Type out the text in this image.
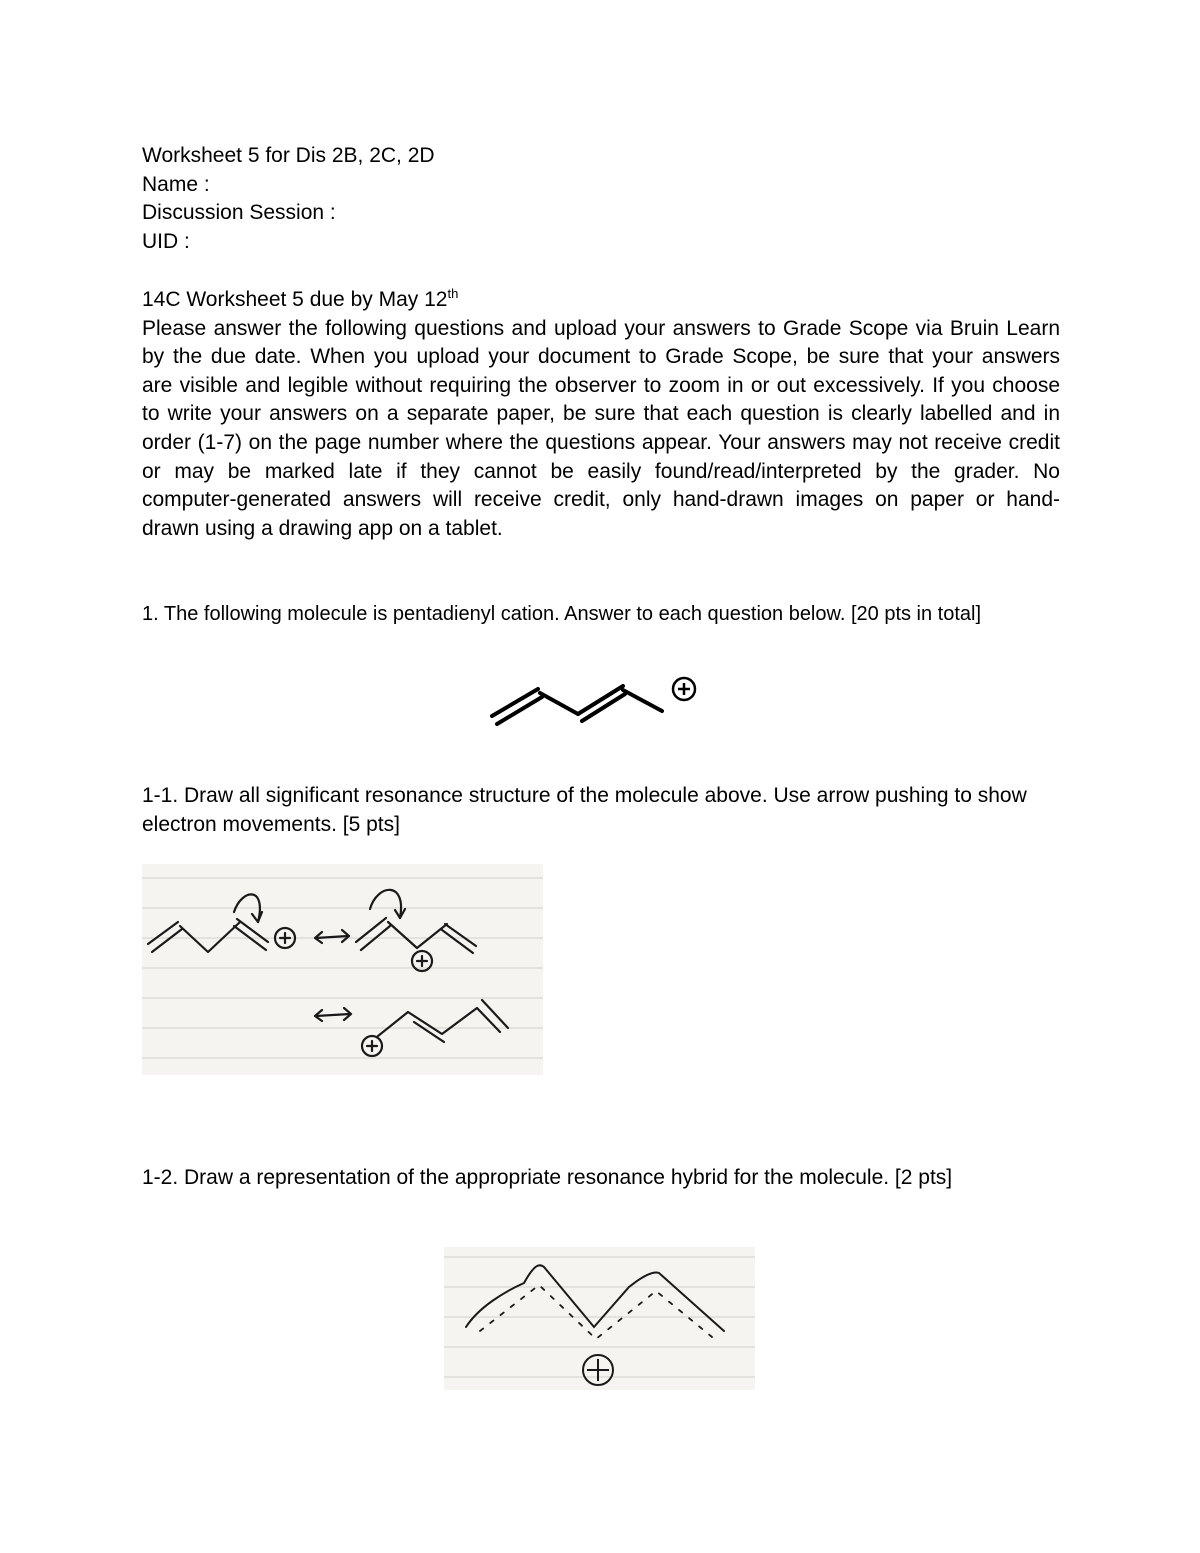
Worksheet 5 for Dis 2B, 2C, 2D
Name :
Discussion Session :
UID :
14C Worksheet 5 due by May 12th
Please answer the following questions and upload your answers to Grade Scope via Bruin Learn
by the due date. When you upload your document to Grade Scope, be sure that your answers
are visible and legible without requiring the observer to zoom in or out excessively. If you choose
to write your answers on a separate paper, be sure that each question is clearly labelled and in
order (1-7) on the page number where the questions appear. Your answers may not receive credit
or may be marked late if they cannot be easily found/read/interpreted by the grader. No
computer-generated answers will receive credit, only hand-drawn images on paper or hand-
drawn using a drawing app on a tablet.
1. The following molecule is pentadienyl cation. Answer to each question below. [20 pts in total]
1-1. Draw all significant resonance structure of the molecule above. Use arrow pushing to show
electron movements. [5 pts]
1-2. Draw a representation of the appropriate resonance hybrid for the molecule. [2 pts]
